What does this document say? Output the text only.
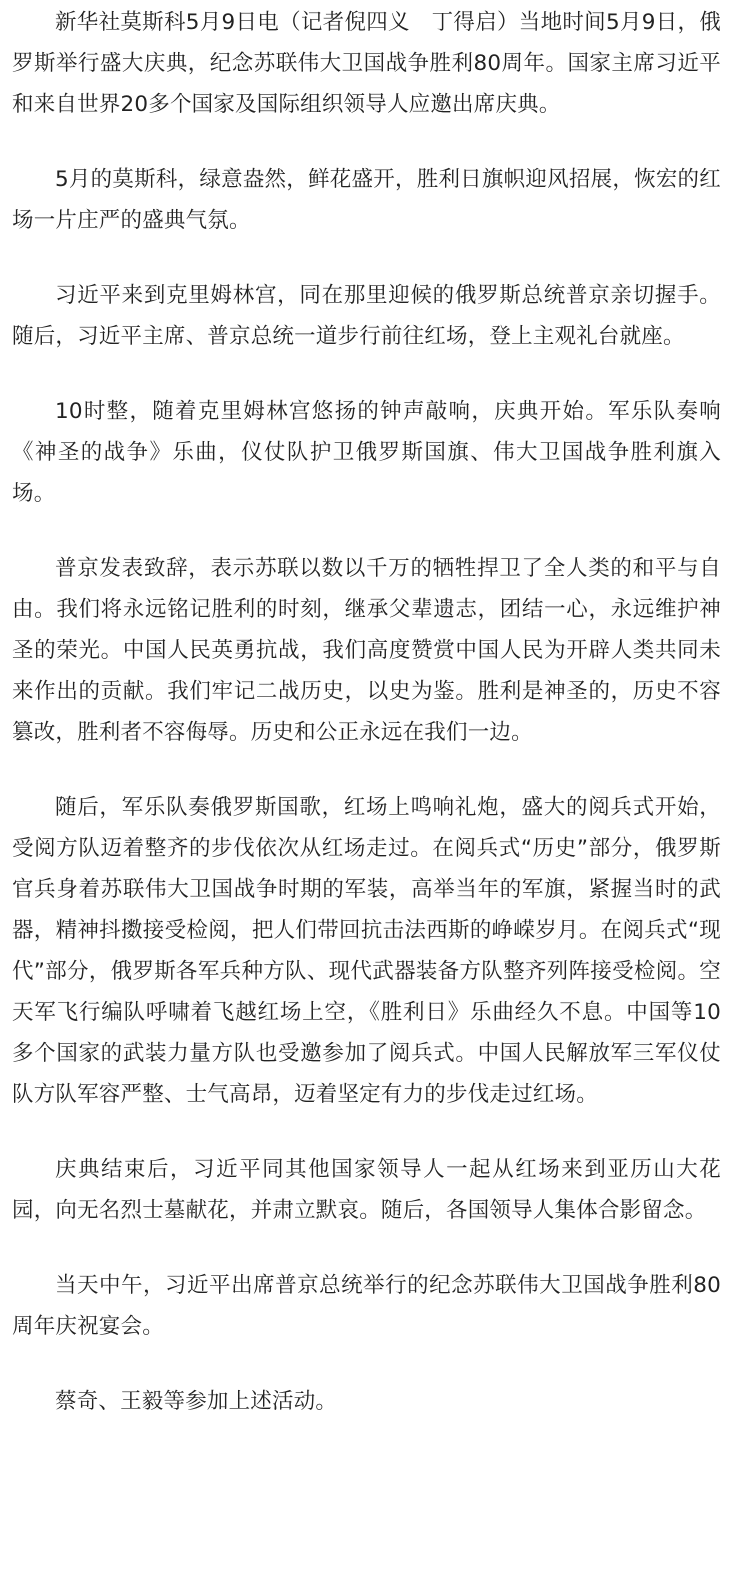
新华社莫斯科5月9日电（记者倪四义　丁得启）当地时间5月9日，俄罗斯举行盛大庆典，纪念苏联伟大卫国战争胜利80周年。国家主席习近平和来自世界20多个国家及国际组织领导人应邀出席庆典。

5月的莫斯科，绿意盎然，鲜花盛开，胜利日旗帜迎风招展，恢宏的红场一片庄严的盛典气氛。

习近平来到克里姆林宫，同在那里迎候的俄罗斯总统普京亲切握手。随后，习近平主席、普京总统一道步行前往红场，登上主观礼台就座。

10时整，随着克里姆林宫悠扬的钟声敲响，庆典开始。军乐队奏响《神圣的战争》乐曲，仪仗队护卫俄罗斯国旗、伟大卫国战争胜利旗入场。

普京发表致辞，表示苏联以数以千万的牺牲捍卫了全人类的和平与自由。我们将永远铭记胜利的时刻，继承父辈遗志，团结一心，永远维护神圣的荣光。中国人民英勇抗战，我们高度赞赏中国人民为开辟人类共同未来作出的贡献。我们牢记二战历史，以史为鉴。胜利是神圣的，历史不容篡改，胜利者不容侮辱。历史和公正永远在我们一边。

随后，军乐队奏俄罗斯国歌，红场上鸣响礼炮，盛大的阅兵式开始，受阅方队迈着整齐的步伐依次从红场走过。在阅兵式“历史”部分，俄罗斯官兵身着苏联伟大卫国战争时期的军装，高举当年的军旗，紧握当时的武器，精神抖擞接受检阅，把人们带回抗击法西斯的峥嵘岁月。在阅兵式“现代”部分，俄罗斯各军兵种方队、现代武器装备方队整齐列阵接受检阅。空天军飞行编队呼啸着飞越红场上空，《胜利日》乐曲经久不息。中国等10多个国家的武装力量方队也受邀参加了阅兵式。中国人民解放军三军仪仗队方队军容严整、士气高昂，迈着坚定有力的步伐走过红场。

庆典结束后，习近平同其他国家领导人一起从红场来到亚历山大花园，向无名烈士墓献花，并肃立默哀。随后，各国领导人集体合影留念。

当天中午，习近平出席普京总统举行的纪念苏联伟大卫国战争胜利80周年庆祝宴会。

蔡奇、王毅等参加上述活动。
